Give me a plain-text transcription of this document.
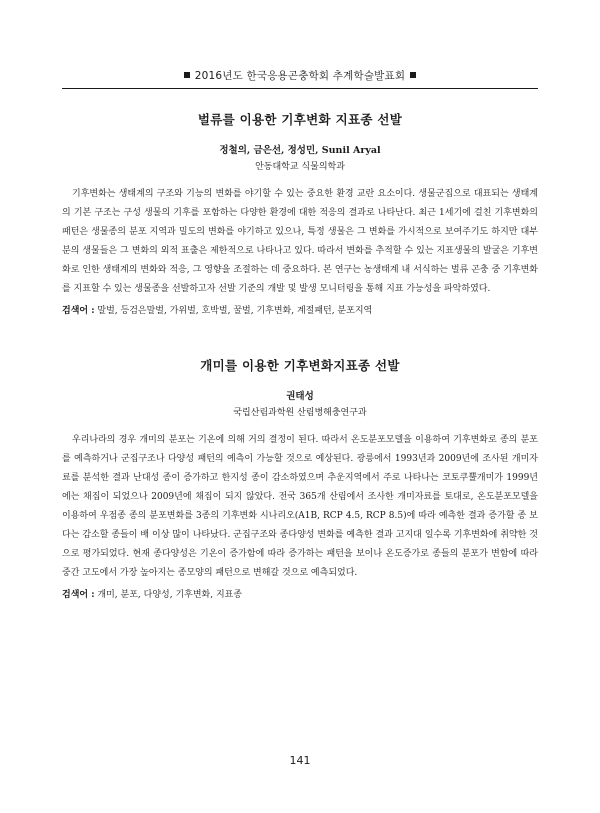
2016년도 한국응용곤충학회 추계학술발표회
벌류를 이용한 기후변화 지표종 선발
정철의, 금은선, 정성민, Sunil Aryal
안동대학교 식물의학과

기후변화는 생태계의 구조와 기능의 변화를 야기할 수 있는 중요한 환경 교란 요소이다. 생물군집으로 대표되는 생태계의 기본 구조는 구성 생물의 기후를 포함하는 다양한 환경에 대한 적응의 결과로 나타난다. 최근 1세기에 걸친 기후변화의 패턴은 생물종의 분포 지역과 밀도의 변화를 야기하고 있으나, 특정 생물은 그 변화를 가시적으로 보여주기도 하지만 대부분의 생물들은 그 변화의 외적 표출은 제한적으로 나타나고 있다. 따라서 변화를 추적할 수 있는 지표생물의 발굴은 기후변화로 인한 생태계의 변화와 적응, 그 영향을 조절하는 데 중요하다. 본 연구는 농생태계 내 서식하는 벌류 곤충 중 기후변화를 지표할 수 있는 생물종을 선발하고자 선발 기준의 개발 및 발생 모니터링을 통해 지표 가능성을 파악하였다.

검색어 : 말벌, 등검은말벌, 가위벌, 호박벌, 꿀벌, 기후변화, 계절패턴, 분포지역
개미를 이용한 기후변화지표종 선발
권태성
국립산림과학원 산림병해충연구과

우리나라의 경우 개미의 분포는 기온에 의해 거의 결정이 된다. 따라서 온도분포모델을 이용하여 기후변화로 종의 분포를 예측하거나 군집구조나 다양성 패턴의 예측이 가능할 것으로 예상된다. 광릉에서 1993년과 2009년에 조사된 개미자료를 분석한 결과 난대성 종이 증가하고 한지성 종이 감소하였으며 추운지역에서 주로 나타나는 코토쿠뿔개미가 1999년에는 채집이 되었으나 2009년에 채집이 되지 않았다. 전국 365개 산림에서 조사한 개미자료를 토대로, 온도분포모델을 이용하여 우점종 종의 분포변화를 3종의 기후변화 시나리오(A1B, RCP 4.5, RCP 8.5)에 따라 예측한 결과 증가할 종 보다는 감소할 종들이 배 이상 많이 나타났다. 군집구조와 종다양성 변화를 예측한 결과 고지대 일수록 기후변화에 취약한 것으로 평가되었다. 현재 종다양성은 기온이 증가함에 따라 증가하는 패턴을 보이나 온도증가로 종들의 분포가 변함에 따라 중간 고도에서 가장 높아지는 종모양의 패턴으로 변해갈 것으로 예측되었다.

검색어 : 개미, 분포, 다양성, 기후변화, 지표종
141
